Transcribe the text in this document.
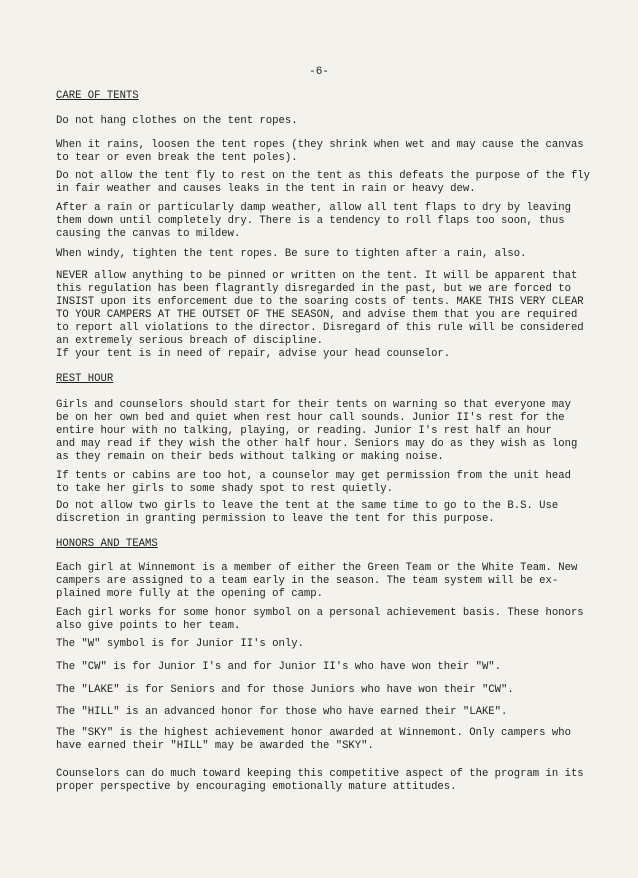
-6-
CARE OF TENTS
Do not hang clothes on the tent ropes.
When it rains, loosen the tent ropes (they shrink when wet and may cause the canvas
to tear or even break the tent poles).
Do not allow the tent fly to rest on the tent as this defeats the purpose of the fly
in fair weather and causes leaks in the tent in rain or heavy dew.
After a rain or particularly damp weather, allow all tent flaps to dry by leaving
them down until completely dry. There is a tendency to roll flaps too soon, thus
causing the canvas to mildew.
When windy, tighten the tent ropes. Be sure to tighten after a rain, also.
NEVER allow anything to be pinned or written on the tent. It will be apparent that
this regulation has been flagrantly disregarded in the past, but we are forced to
INSIST upon its enforcement due to the soaring costs of tents. MAKE THIS VERY CLEAR
TO YOUR CAMPERS AT THE OUTSET OF THE SEASON, and advise them that you are required
to report all violations to the director. Disregard of this rule will be considered
an extremely serious breach of discipline.
If your tent is in need of repair, advise your head counselor.
REST HOUR
Girls and counselors should start for their tents on warning so that everyone may
be on her own bed and quiet when rest hour call sounds. Junior II's rest for the
entire hour with no talking, playing, or reading. Junior I's rest half an hour
and may read if they wish the other half hour. Seniors may do as they wish as long
as they remain on their beds without talking or making noise.
If tents or cabins are too hot, a counselor may get permission from the unit head
to take her girls to some shady spot to rest quietly.
Do not allow two girls to leave the tent at the same time to go to the B.S. Use
discretion in granting permission to leave the tent for this purpose.
HONORS AND TEAMS
Each girl at Winnemont is a member of either the Green Team or the White Team. New
campers are assigned to a team early in the season. The team system will be ex-
plained more fully at the opening of camp.
Each girl works for some honor symbol on a personal achievement basis. These honors
also give points to her team.
The "W" symbol is for Junior II's only.
The "CW" is for Junior I's and for Junior II's who have won their "W".
The "LAKE" is for Seniors and for those Juniors who have won their "CW".
The "HILL" is an advanced honor for those who have earned their "LAKE".
The "SKY" is the highest achievement honor awarded at Winnemont. Only campers who
have earned their "HILL" may be awarded the "SKY".
Counselors can do much toward keeping this competitive aspect of the program in its
proper perspective by encouraging emotionally mature attitudes.
